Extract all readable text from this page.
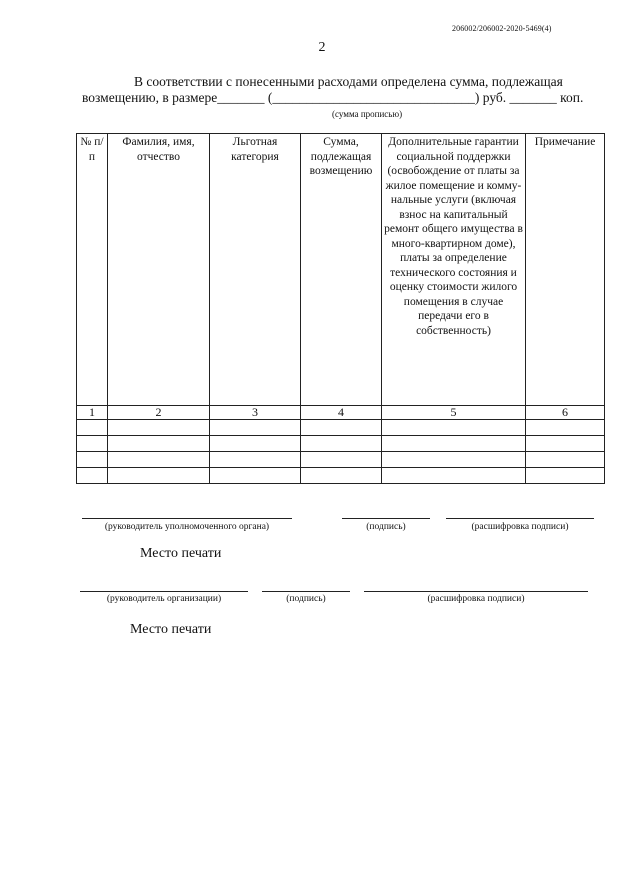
206002/206002-2020-5469(4)
2
В соответствии с понесенными расходами определена сумма, подлежащая
возмещению, в размере_______ (______________________________) руб. _______ коп.
(сумма прописью)
№ п/п	Фамилия, имя, отчество	Льготная категория	Сумма, подлежащая возмещению	Дополнительные гарантии социальной поддержки (освобождение от платы за жилое помещение и комму-нальные услуги (включая взнос на капитальный ремонт общего имущества в много-квартирном доме), платы за определение технического состояния и оценку стоимости жилого помещения в случае передачи его в собственность)	Примечание
1	2	3	4	5	6

(руководитель уполномоченного органа)	(подпись)	(расшифровка подписи)
Место печати
(руководитель организации)	(подпись)	(расшифровка подписи)
Место печати
